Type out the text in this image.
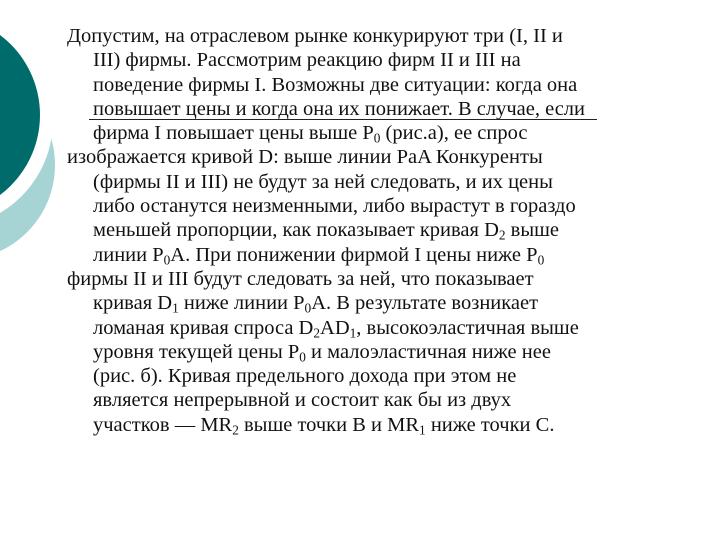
Допустим, на отраслевом рынке конкурируют три (I, II и
III) фирмы. Рассмотрим реакцию фирм II и III на
поведение фирмы I. Возможны две ситуации: когда она
повышает цены и когда она их понижает. В случае, если
фирма I повышает цены выше $P_0$ (рис.а), ее спрос
изображается кривой D: выше линии PaA Конкуренты
(фирмы II и III) не будут за ней следовать, и их цены
либо останутся неизменными, либо вырастут в гораздо
меньшей пропорции, как показывает кривая $D_2$ выше
линии $P_0A$. При понижении фирмой I цены ниже $P_0$
фирмы II и III будут следовать за ней, что показывает
кривая $D_1$ ниже линии $P_0A$. В результате возникает
ломаная кривая спроса $D_2AD_1$, высокоэластичная выше
уровня текущей цены $P_0$ и малоэластичная ниже нее
(рис. б). Кривая предельного дохода при этом не
является непрерывной и состоит как бы из двух
участков — $MR_2$ выше точки В и $MR_1$ ниже точки С.
